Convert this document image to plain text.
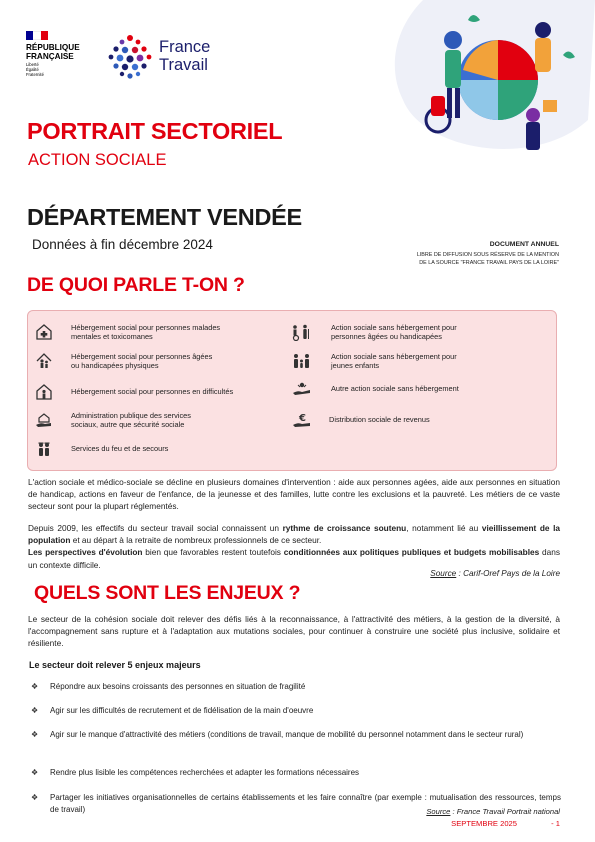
RÉPUBLIQUE
FRANÇAISE
Liberté
Égalité
Fraternité
France
Travail
PORTRAIT SECTORIEL
ACTION SOCIALE
DÉPARTEMENT VENDÉE
Données à fin décembre 2024	DOCUMENT ANNUEL
LIBRE DE DIFFUSION SOUS RÉSERVE DE LA MENTION
DE LA SOURCE "FRANCE TRAVAIL PAYS DE LA LOIRE"
DE QUOI PARLE T-ON ?
Hébergement social pour personnes malades
mentales et toxicomanes
Hébergement social pour personnes âgées
ou handicapées physiques
Hébergement social pour personnes en difficultés
Administration publique des services
sociaux, autre que sécurité sociale
Services du feu et de secours
Action sociale sans hébergement pour
personnes âgées ou handicapées
Action sociale sans hébergement pour
jeunes enfants
Autre action sociale sans hébergement
€	Distribution sociale de revenus
L'action sociale et médico-sociale se décline en plusieurs domaines d'intervention : aide aux personnes agées, aide aux personnes en situation de handicap, actions en faveur de l'enfance, de la jeunesse et des familles, lutte contre les exclusions et la pauvreté. Les métiers de ce vaste secteur sont pour la plupart réglementés.
Depuis 2009, les effectifs du secteur travail social connaissent un rythme de croissance soutenu, notamment lié au vieillissement de la population et au départ à la retraite de nombreux professionnels de ce secteur.
Les perspectives d'évolution bien que favorables restent toutefois conditionnées aux politiques publiques et budgets mobilisables dans un contexte difficile.
Source : Carif-Oref Pays de la Loire
QUELS SONT LES ENJEUX ?
Le secteur de la cohésion sociale doit relever des défis liés à la reconnaissance, à l'attractivité des métiers, à la gestion de la diversité, à l'accompagnement sans rupture et à l'adaptation aux mutations sociales, pour continuer à construire une société plus inclusive, solidaire et résiliente.
Le secteur doit relever 5 enjeux majeurs
❖	Répondre aux besoins croissants des personnes en situation de fragilité
❖	Agir sur les difficultés de recrutement et de fidélisation de la main d'oeuvre
❖	Agir sur le manque d'attractivité des métiers (conditions de travail, manque de mobilité du personnel notamment dans le secteur rural)
❖	Rendre plus lisible les compétences recherchées et adapter les formations nécessaires
❖	Partager les initiatives organisationnelles de certains établissements et les faire connaître (par exemple : mutualisation des ressources, temps de travail)	Source : France Travail Portrait national
SEPTEMBRE 2025	- 1
